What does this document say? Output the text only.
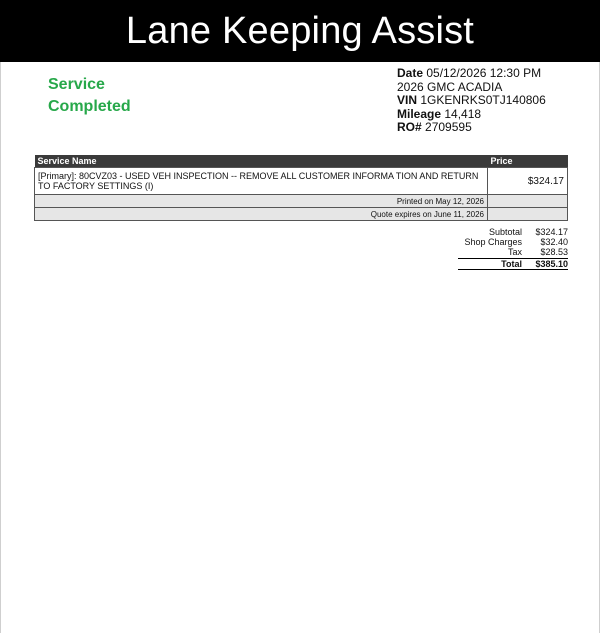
Lane Keeping Assist
Service
Completed
Date 05/12/2026 12:30 PM
2026 GMC ACADIA
VIN 1GKENRKS0TJ140806
Mileage 14,418
RO# 2709595
Service Name	Price
[Primary]: 80CVZ03 - USED VEH INSPECTION -- REMOVE ALL CUSTOMER INFORMA TION AND RETURN TO FACTORY SETTINGS (I)	$324.17
Printed on May 12, 2026	
Quote expires on June 11, 2026	
Subtotal	$324.17
Shop Charges	$32.40
Tax	$28.53
Total	$385.10
